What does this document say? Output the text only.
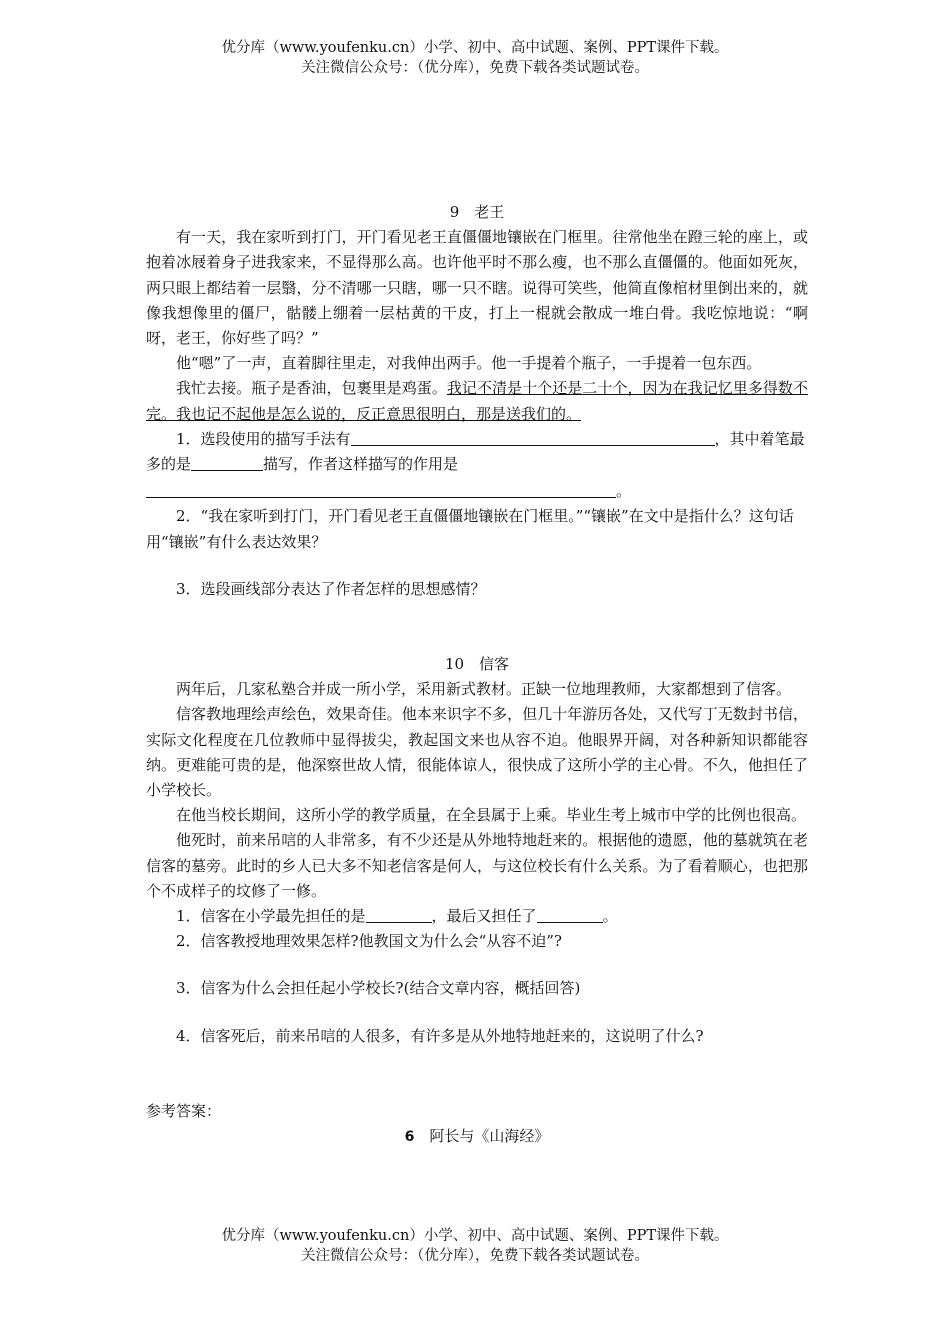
优分库（www.youfenku.cn）小学、初中、高中试题、案例、PPT课件下载。
关注微信公众号：（优分库），免费下载各类试题试卷。
9　老王
有一天，我在家听到打门，开门看见老王直僵僵地镶嵌在门框里。往常他坐在蹬三轮的座上，或抱着冰屐着身子进我家来，不显得那么高。也许他平时不那么瘦，也不那么直僵僵的。他面如死灰，两只眼上都结着一层翳，分不清哪一只瞎，哪一只不瞎。说得可笑些，他简直像棺材里倒出来的，就像我想像里的僵尸，骷髅上绷着一层枯黄的干皮，打上一棍就会散成一堆白骨。我吃惊地说：“啊呀，老王，你好些了吗？”
他“嗯”了一声，直着脚往里走，对我伸出两手。他一手提着个瓶子，一手提着一包东西。
我忙去接。瓶子是香油，包裹里是鸡蛋。我记不清是十个还是二十个，因为在我记忆里多得数不完。我也记不起他是怎么说的，反正意思很明白，那是送我们的。
1．选段使用的描写手法有	，其中着笔最多的是	描写，作者这样描写的作用是
。
2．“我在家听到打门，开门看见老王直僵僵地镶嵌在门框里。”“镶嵌”在文中是指什么？这句话用“镶嵌”有什么表达效果？
3．选段画线部分表达了作者怎样的思想感情？
10　信客
两年后，几家私塾合并成一所小学，采用新式教材。正缺一位地理教师，大家都想到了信客。
信客教地理绘声绘色，效果奇佳。他本来识字不多，但几十年游历各处，又代写丁无数封书信，实际文化程度在几位教师中显得拔尖，教起国文来也从容不迫。他眼界开阔，对各种新知识都能容纳。更难能可贵的是，他深察世故人情，很能体谅人，很快成了这所小学的主心骨。不久，他担任了小学校长。
在他当校长期间，这所小学的教学质量，在全县属于上乘。毕业生考上城市中学的比例也很高。
他死时，前来吊唁的人非常多，有不少还是从外地特地赶来的。根据他的遗愿，他的墓就筑在老信客的墓旁。此时的乡人已大多不知老信客是何人，与这位校长有什么关系。为了看着顺心，也把那个不成样子的坟修了一修。
1．信客在小学最先担任的是	，最后又担任了	。
2．信客教授地理效果怎样?他教国文为什么会“从容不迫”?
3．信客为什么会担任起小学校长?(结合文章内容，概括回答)
4．信客死后，前来吊唁的人很多，有许多是从外地特地赶来的，这说明了什么?
参考答案：
6　 阿长与《山海经》
优分库（www.youfenku.cn）小学、初中、高中试题、案例、PPT课件下载。
关注微信公众号：（优分库），免费下载各类试题试卷。
